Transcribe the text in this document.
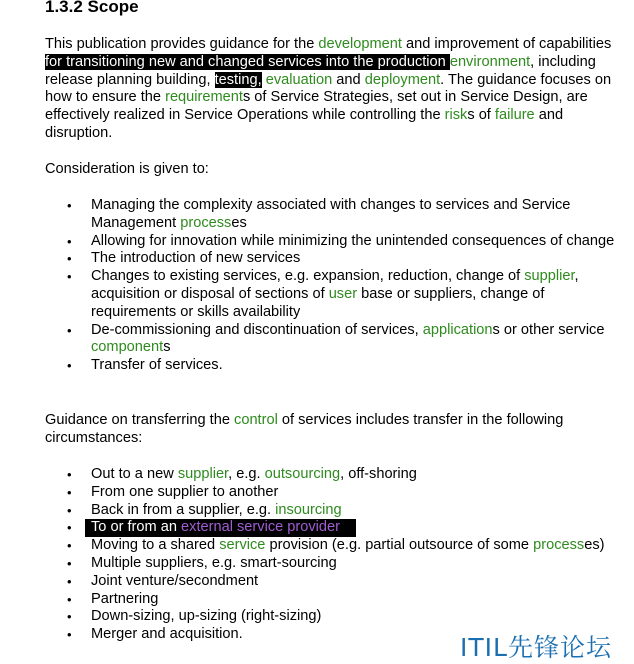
1.3.2 Scope

This publication provides guidance for the development and improvement of capabilities for transitioning new and changed services into the production environment, including release planning building, testing, evaluation and deployment. The guidance focuses on how to ensure the requirements of Service Strategies, set out in Service Design, are effectively realized in Service Operations while controlling the risks of failure and disruption.

Consideration is given to:

• Managing the complexity associated with changes to services and Service Management processes
• Allowing for innovation while minimizing the unintended consequences of change
• The introduction of new services
• Changes to existing services, e.g. expansion, reduction, change of supplier, acquisition or disposal of sections of user base or suppliers, change of requirements or skills availability
• De-commissioning and discontinuation of services, applications or other service components
• Transfer of services.

Guidance on transferring the control of services includes transfer in the following circumstances:

• Out to a new supplier, e.g. outsourcing, off-shoring
• From one supplier to another
• Back in from a supplier, e.g. insourcing
• To or from an external service provider
• Moving to a shared service provision (e.g. partial outsource of some processes)
• Multiple suppliers, e.g. smart-sourcing
• Joint venture/secondment
• Partnering
• Down-sizing, up-sizing (right-sizing)
• Merger and acquisition.	ITIL先锋论坛
